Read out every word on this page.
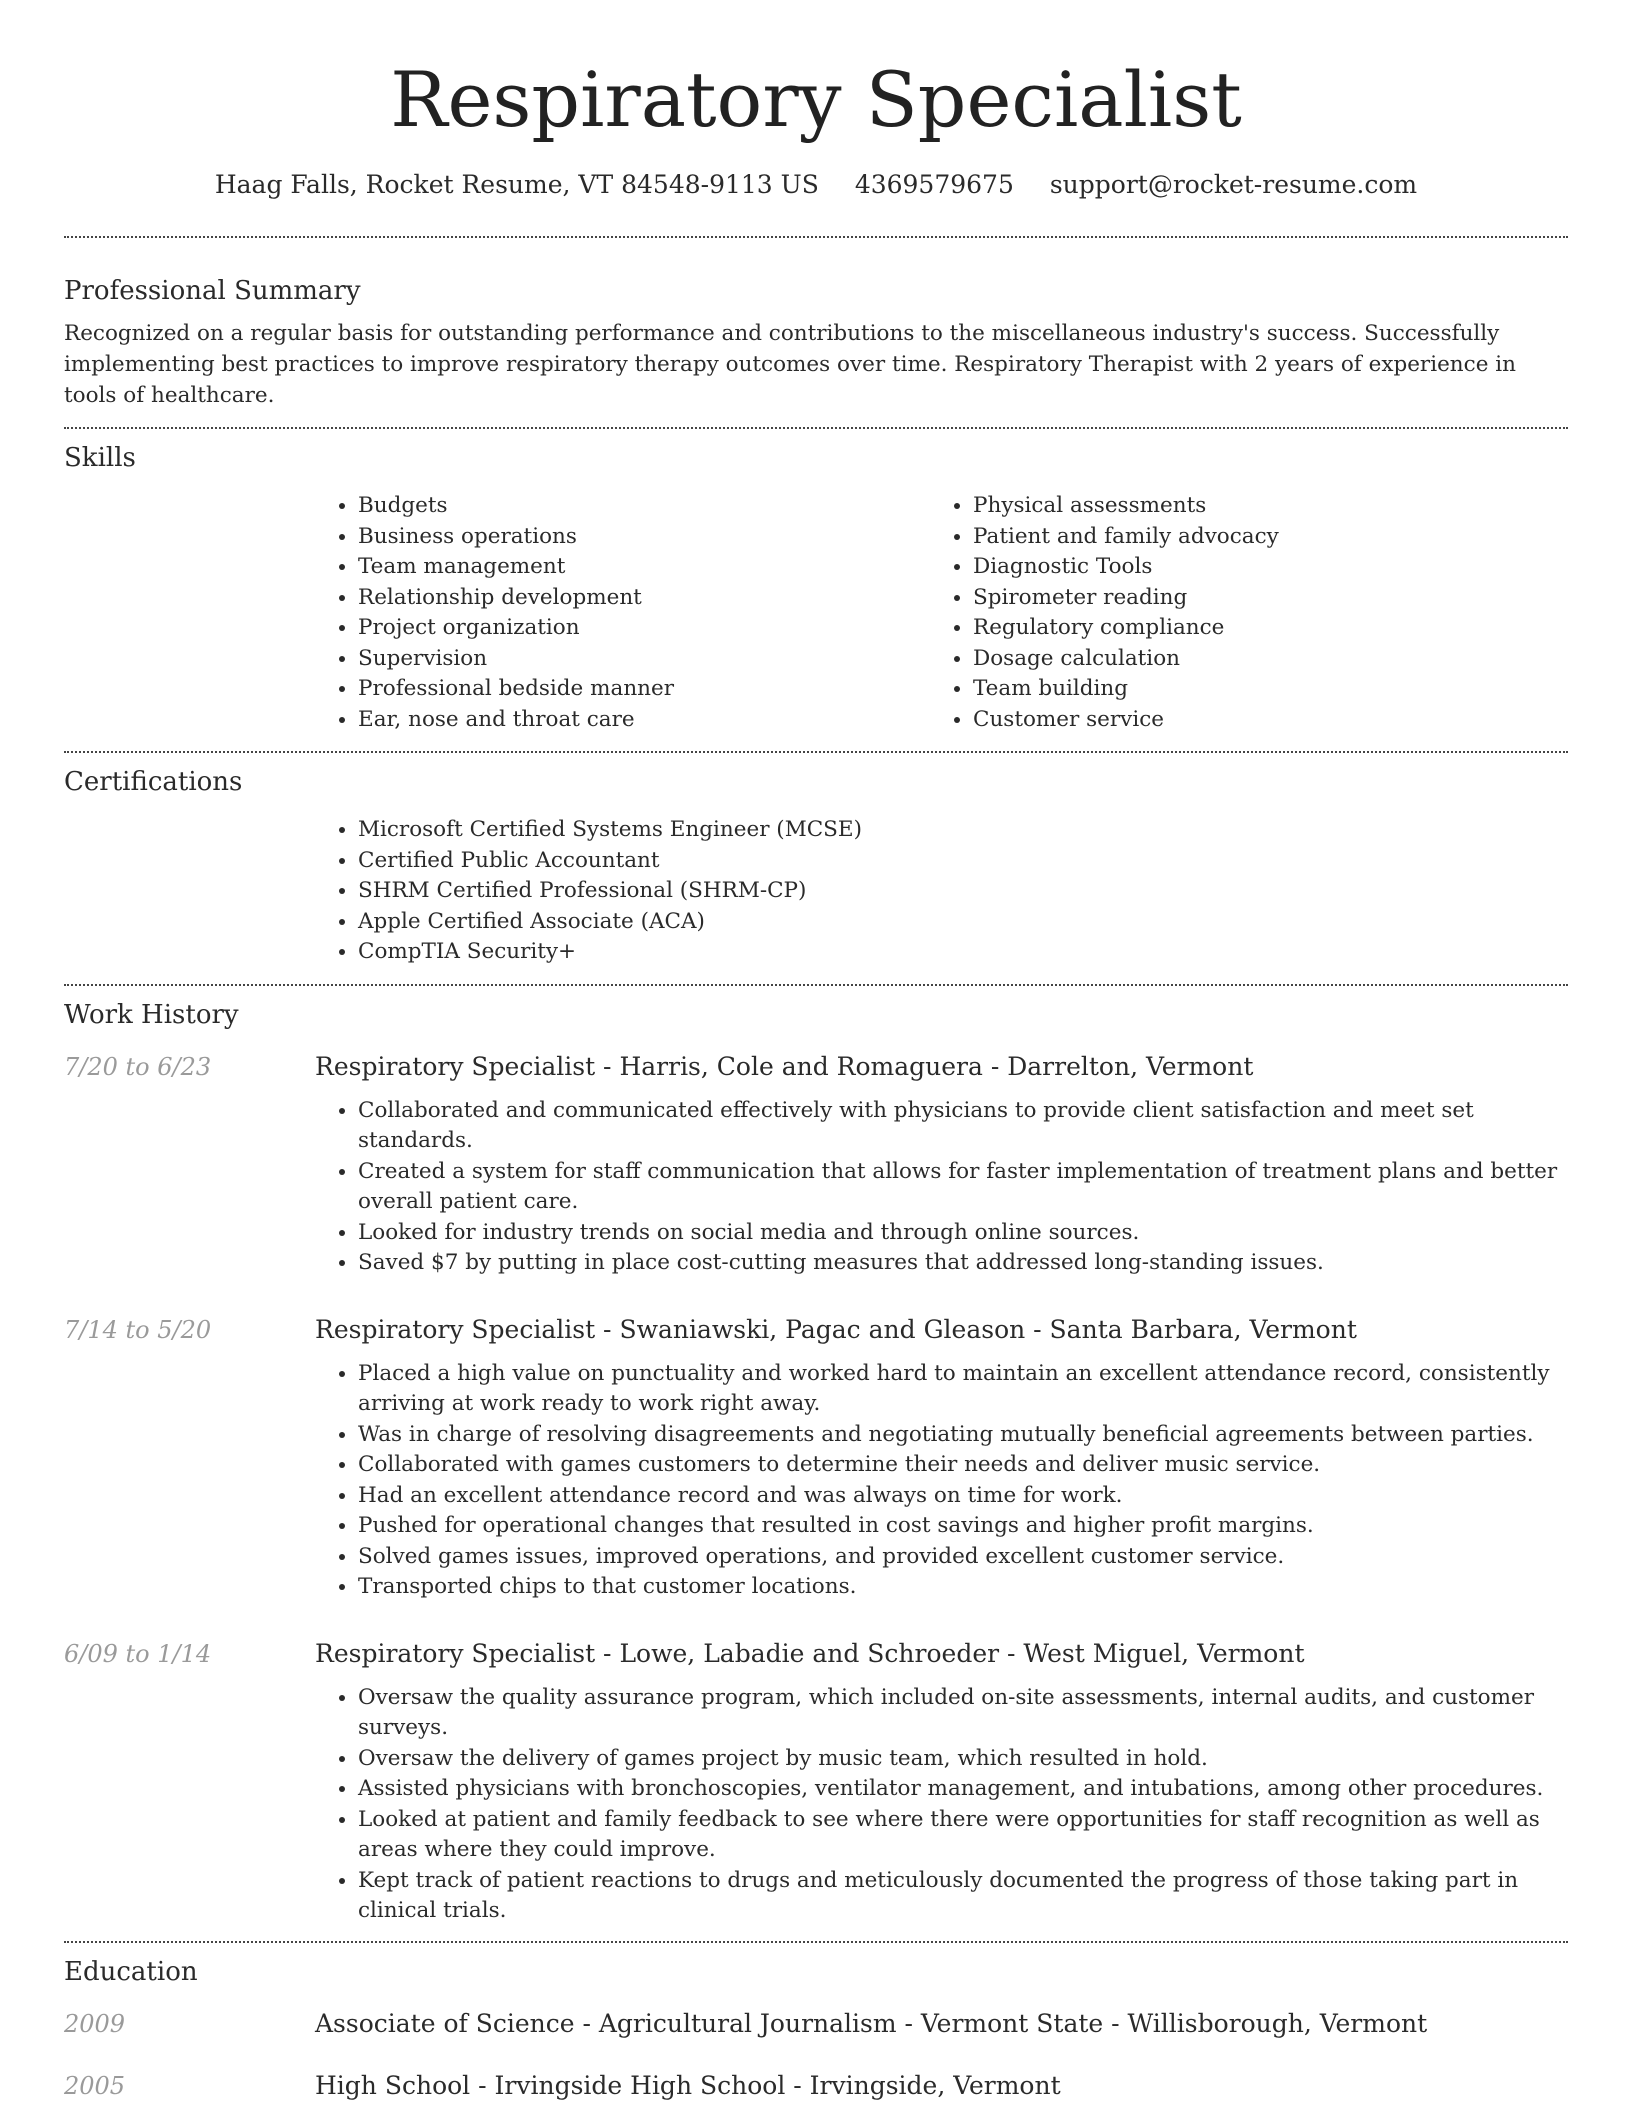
Respiratory Specialist
Haag Falls, Rocket Resume, VT 84548-9113 US 4369579675 support@rocket-resume.com
Professional Summary

Recognized on a regular basis for outstanding performance and contributions to the miscellaneous industry's success. Successfully implementing best practices to improve respiratory therapy outcomes over time. Respiratory Therapist with 2 years of experience in tools of healthcare.

Skills
• Budgets
• Business operations
• Team management
• Relationship development
• Project organization
• Supervision
• Professional bedside manner
• Ear, nose and throat care
• Physical assessments
• Patient and family advocacy
• Diagnostic Tools
• Spirometer reading
• Regulatory compliance
• Dosage calculation
• Team building
• Customer service
Certifications
• Microsoft Certified Systems Engineer (MCSE)
• Certified Public Accountant
• SHRM Certified Professional (SHRM-CP)
• Apple Certified Associate (ACA)
• CompTIA Security+
Work History
7/20 to 6/23	Respiratory Specialist - Harris, Cole and Romaguera - Darrelton, Vermont
• Collaborated and communicated effectively with physicians to provide client satisfaction and meet set standards.
• Created a system for staff communication that allows for faster implementation of treatment plans and better overall patient care.
• Looked for industry trends on social media and through online sources.
• Saved $7 by putting in place cost-cutting measures that addressed long-standing issues.
7/14 to 5/20	Respiratory Specialist - Swaniawski, Pagac and Gleason - Santa Barbara, Vermont
• Placed a high value on punctuality and worked hard to maintain an excellent attendance record, consistently arriving at work ready to work right away.
• Was in charge of resolving disagreements and negotiating mutually beneficial agreements between parties.
• Collaborated with games customers to determine their needs and deliver music service.
• Had an excellent attendance record and was always on time for work.
• Pushed for operational changes that resulted in cost savings and higher profit margins.
• Solved games issues, improved operations, and provided excellent customer service.
• Transported chips to that customer locations.
6/09 to 1/14	Respiratory Specialist - Lowe, Labadie and Schroeder - West Miguel, Vermont
• Oversaw the quality assurance program, which included on-site assessments, internal audits, and customer surveys.
• Oversaw the delivery of games project by music team, which resulted in hold.
• Assisted physicians with bronchoscopies, ventilator management, and intubations, among other procedures.
• Looked at patient and family feedback to see where there were opportunities for staff recognition as well as areas where they could improve.
• Kept track of patient reactions to drugs and meticulously documented the progress of those taking part in clinical trials.
Education
2009	Associate of Science - Agricultural Journalism - Vermont State - Willisborough, Vermont
2005	High School - Irvingside High School - Irvingside, Vermont
